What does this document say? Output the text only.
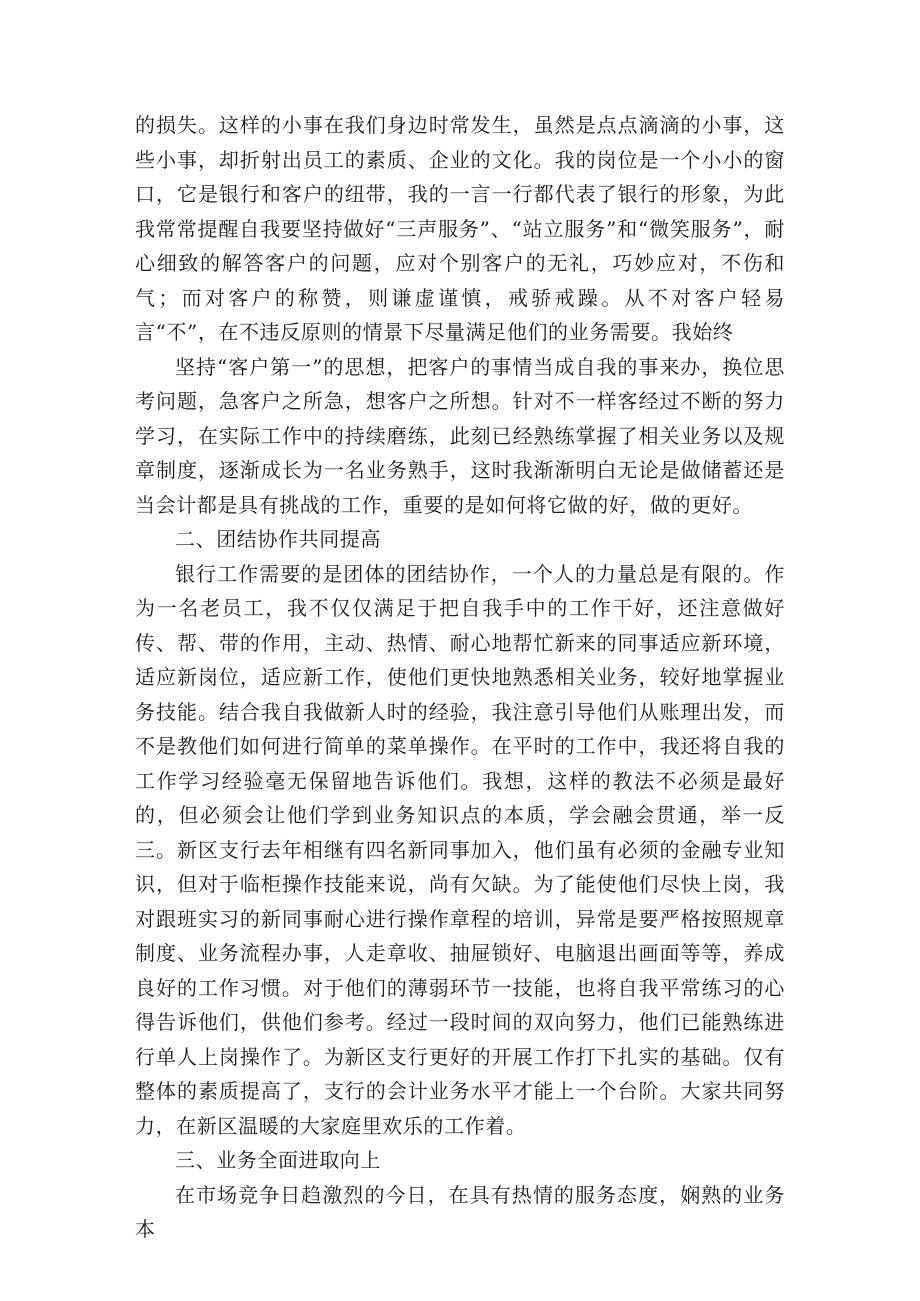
的损失。这样的小事在我们身边时常发生，虽然是点点滴滴的小事，这些小事，却折射出员工的素质、企业的文化。我的岗位是一个小小的窗口，它是银行和客户的纽带，我的一言一行都代表了银行的形象，为此我常常提醒自我要坚持做好“三声服务”、“站立服务”和“微笑服务”，耐心细致的解答客户的问题，应对个别客户的无礼，巧妙应对，不伤和气；而对客户的称赞，则谦虚谨慎，戒骄戒躁。从不对客户轻易言“不”，在不违反原则的情景下尽量满足他们的业务需要。我始终

坚持“客户第一”的思想，把客户的事情当成自我的事来办，换位思考问题，急客户之所急，想客户之所想。针对不一样客经过不断的努力学习，在实际工作中的持续磨练，此刻已经熟练掌握了相关业务以及规章制度，逐渐成长为一名业务熟手，这时我渐渐明白无论是做储蓄还是当会计都是具有挑战的工作，重要的是如何将它做的好，做的更好。

二、团结协作共同提高

银行工作需要的是团体的团结协作，一个人的力量总是有限的。作为一名老员工，我不仅仅满足于把自我手中的工作干好，还注意做好传、帮、带的作用，主动、热情、耐心地帮忙新来的同事适应新环境，适应新岗位，适应新工作，使他们更快地熟悉相关业务，较好地掌握业务技能。结合我自我做新人时的经验，我注意引导他们从账理出发，而不是教他们如何进行简单的菜单操作。在平时的工作中，我还将自我的工作学习经验毫无保留地告诉他们。我想，这样的教法不必须是最好的，但必须会让他们学到业务知识点的本质，学会融会贯通，举一反三。新区支行去年相继有四名新同事加入，他们虽有必须的金融专业知识，但对于临柜操作技能来说，尚有欠缺。为了能使他们尽快上岗，我对跟班实习的新同事耐心进行操作章程的培训，异常是要严格按照规章制度、业务流程办事，人走章收、抽屉锁好、电脑退出画面等等，养成良好的工作习惯。对于他们的薄弱环节一技能，也将自我平常练习的心得告诉他们，供他们参考。经过一段时间的双向努力，他们已能熟练进行单人上岗操作了。为新区支行更好的开展工作打下扎实的基础。仅有整体的素质提高了，支行的会计业务水平才能上一个台阶。大家共同努力，在新区温暖的大家庭里欢乐的工作着。

三、业务全面进取向上

在市场竞争日趋激烈的今日，在具有热情的服务态度，娴熟的业务本
